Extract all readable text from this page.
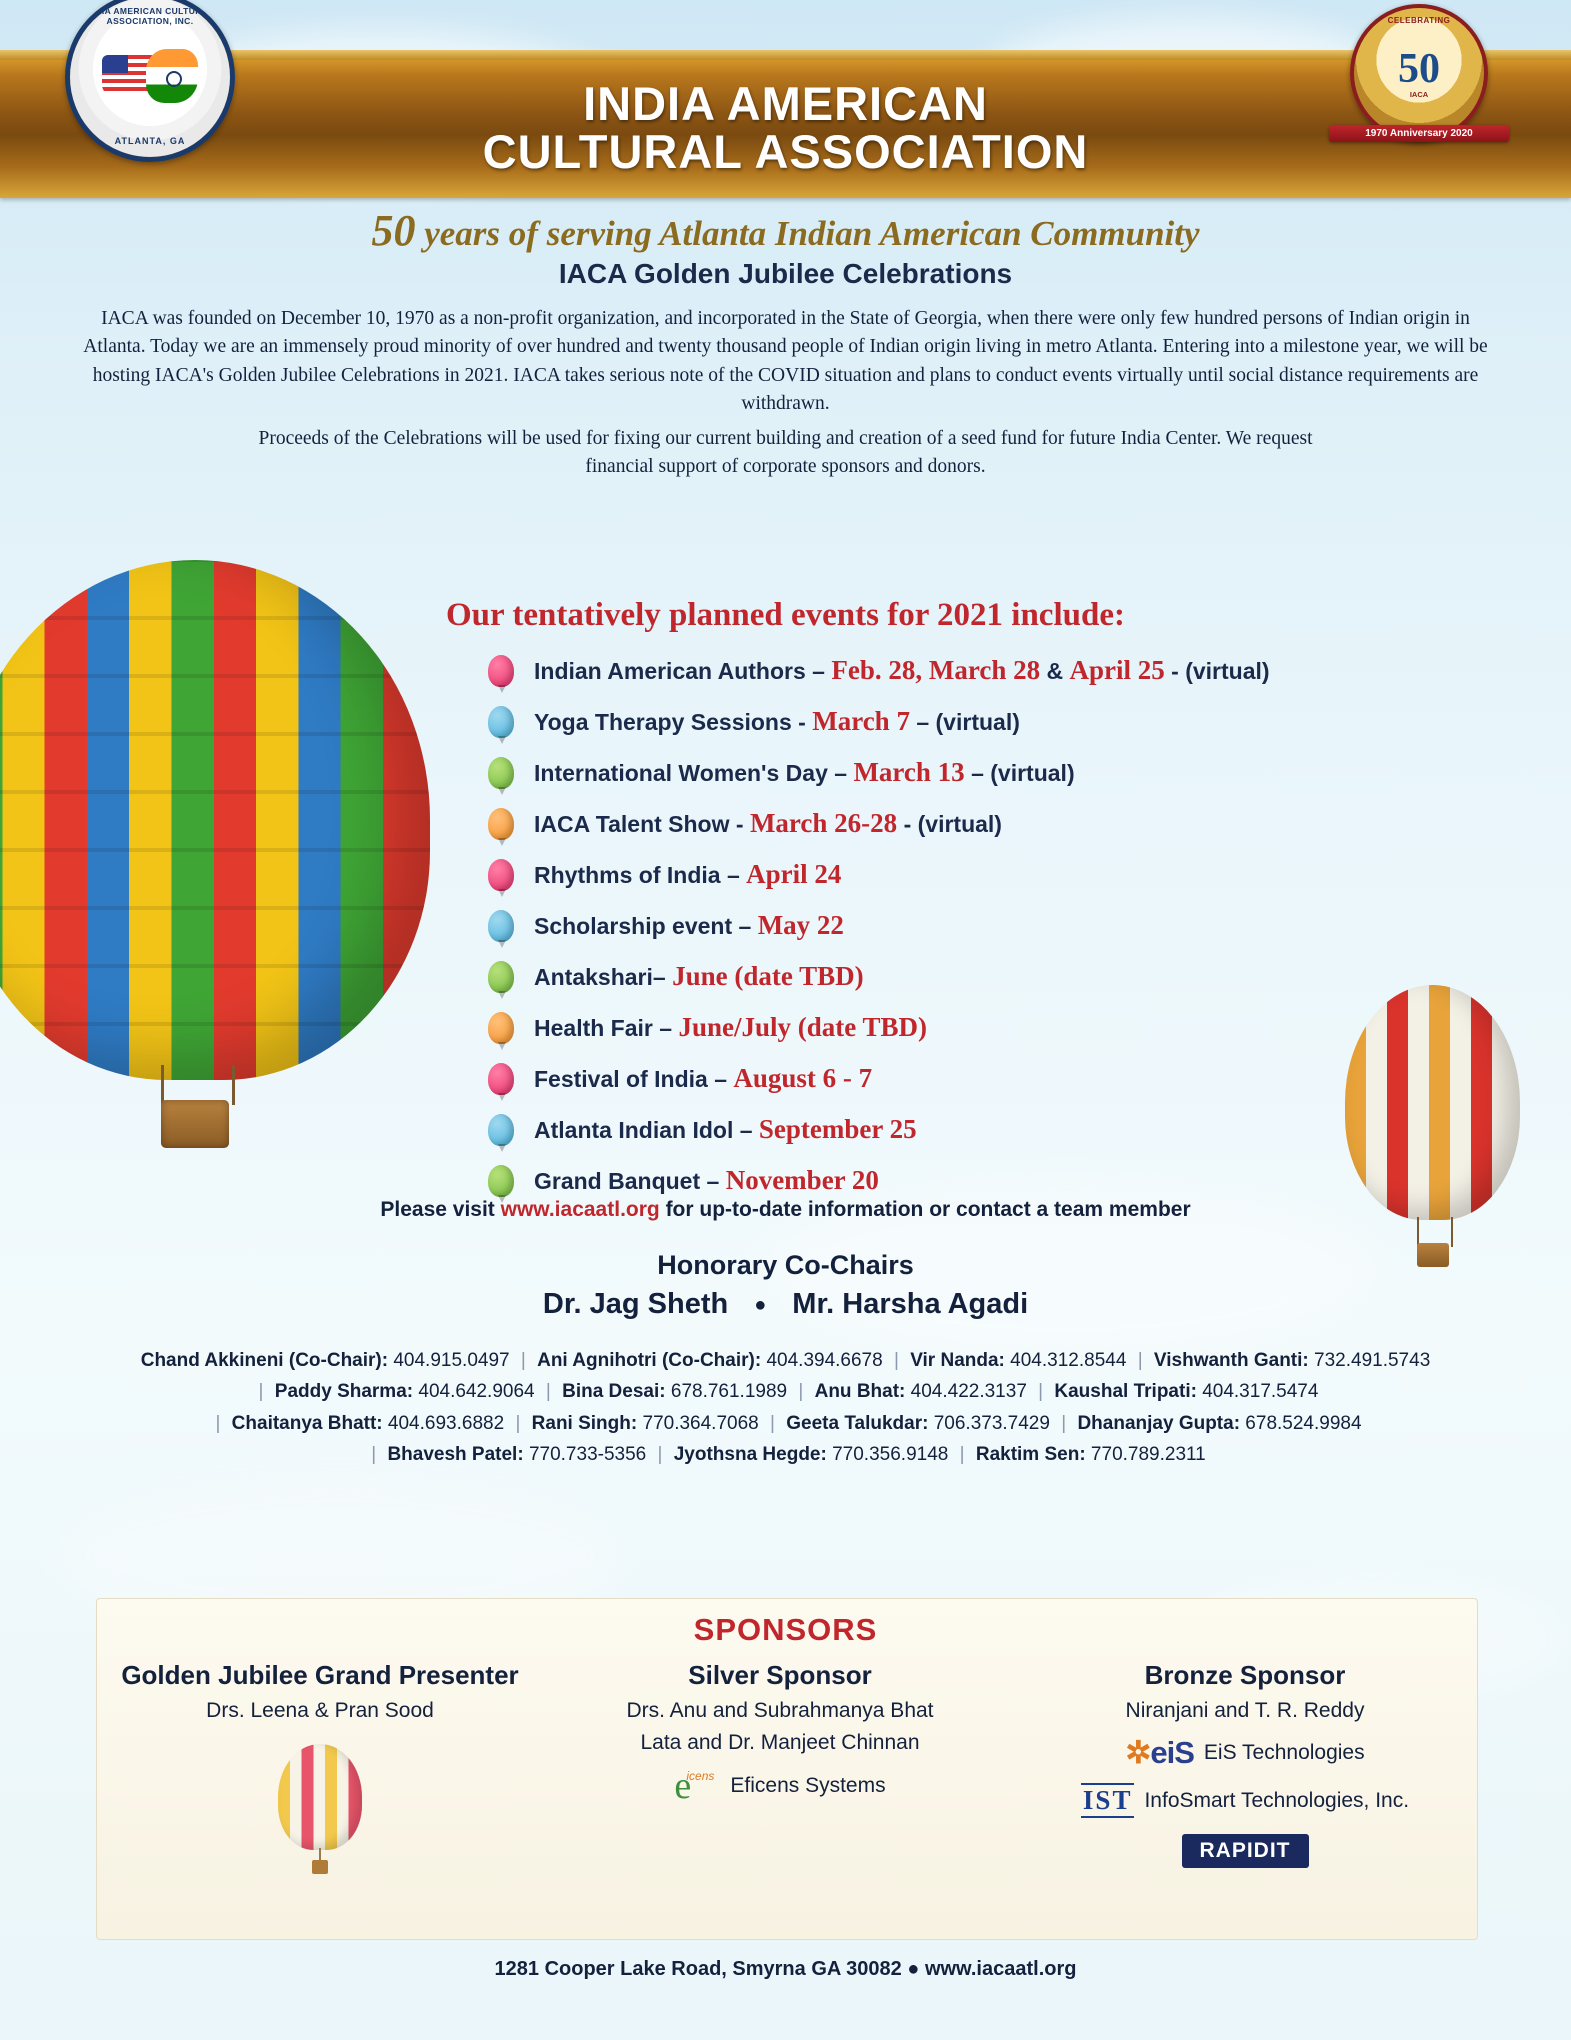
INDIA AMERICAN
CULTURAL ASSOCIATION
INDIA AMERICAN CULTURAL ASSOCIATION, INC.
ATLANTA, GA
CELEBRATING
50
IACA
1970 Anniversary 2020
50 years of serving Atlanta Indian American Community
IACA Golden Jubilee Celebrations
IACA was founded on December 10, 1970 as a non-profit organization, and incorporated in the State of Georgia, when there were only few hundred persons of Indian origin in Atlanta. Today we are an immensely proud minority of over hundred and twenty thousand people of Indian origin living in metro Atlanta. Entering into a milestone year, we will be hosting IACA's Golden Jubilee Celebrations in 2021. IACA takes serious note of the COVID situation and plans to conduct events virtually until social distance requirements are withdrawn.
Proceeds of the Celebrations will be used for fixing our current building and creation of a seed fund for future India Center. We request financial support of corporate sponsors and donors.
Our tentatively planned events for 2021 include:
Indian American Authors – Feb. 28, March 28 & April 25 - (virtual)
Yoga Therapy Sessions - March 7 – (virtual)
International Women's Day – March 13 – (virtual)
IACA Talent Show - March 26-28 - (virtual)
Rhythms of India – April 24
Scholarship event – May 22
Antakshari– June (date TBD)
Health Fair – June/July (date TBD)
Festival of India – August 6 - 7
Atlanta Indian Idol – September 25
Grand Banquet – November 20
Please visit www.iacaatl.org for up-to-date information or contact a team member
Honorary Co-Chairs
Dr. Jag Sheth ● Mr. Harsha Agadi
Chand Akkineni (Co-Chair): 404.915.0497 | Ani Agnihotri (Co-Chair): 404.394.6678 | Vir Nanda: 404.312.8544 | Vishwanth Ganti: 732.491.5743
| Paddy Sharma: 404.642.9064 | Bina Desai: 678.761.1989 | Anu Bhat: 404.422.3137 | Kaushal Tripati: 404.317.5474
| Chaitanya Bhatt: 404.693.6882 | Rani Singh: 770.364.7068 | Geeta Talukdar: 706.373.7429 | Dhananjay Gupta: 678.524.9984
| Bhavesh Patel: 770.733-5356 | Jyothsna Hegde: 770.356.9148 | Raktim Sen: 770.789.2311
SPONSORS
Golden Jubilee Grand Presenter

Drs. Leena & Pran Sood

Silver Sponsor

Drs. Anu and Subrahmanya Bhat

Lata and Dr. Manjeet Chinnan

e
icens Eficens Systems
Bronze Sponsor

Niranjani and T. R. Reddy

✲eiS EiS Technologies
IST InfoSmart Technologies, Inc.
RAPIDIT
1281 Cooper Lake Road, Smyrna GA 30082 ● www.iacaatl.org
